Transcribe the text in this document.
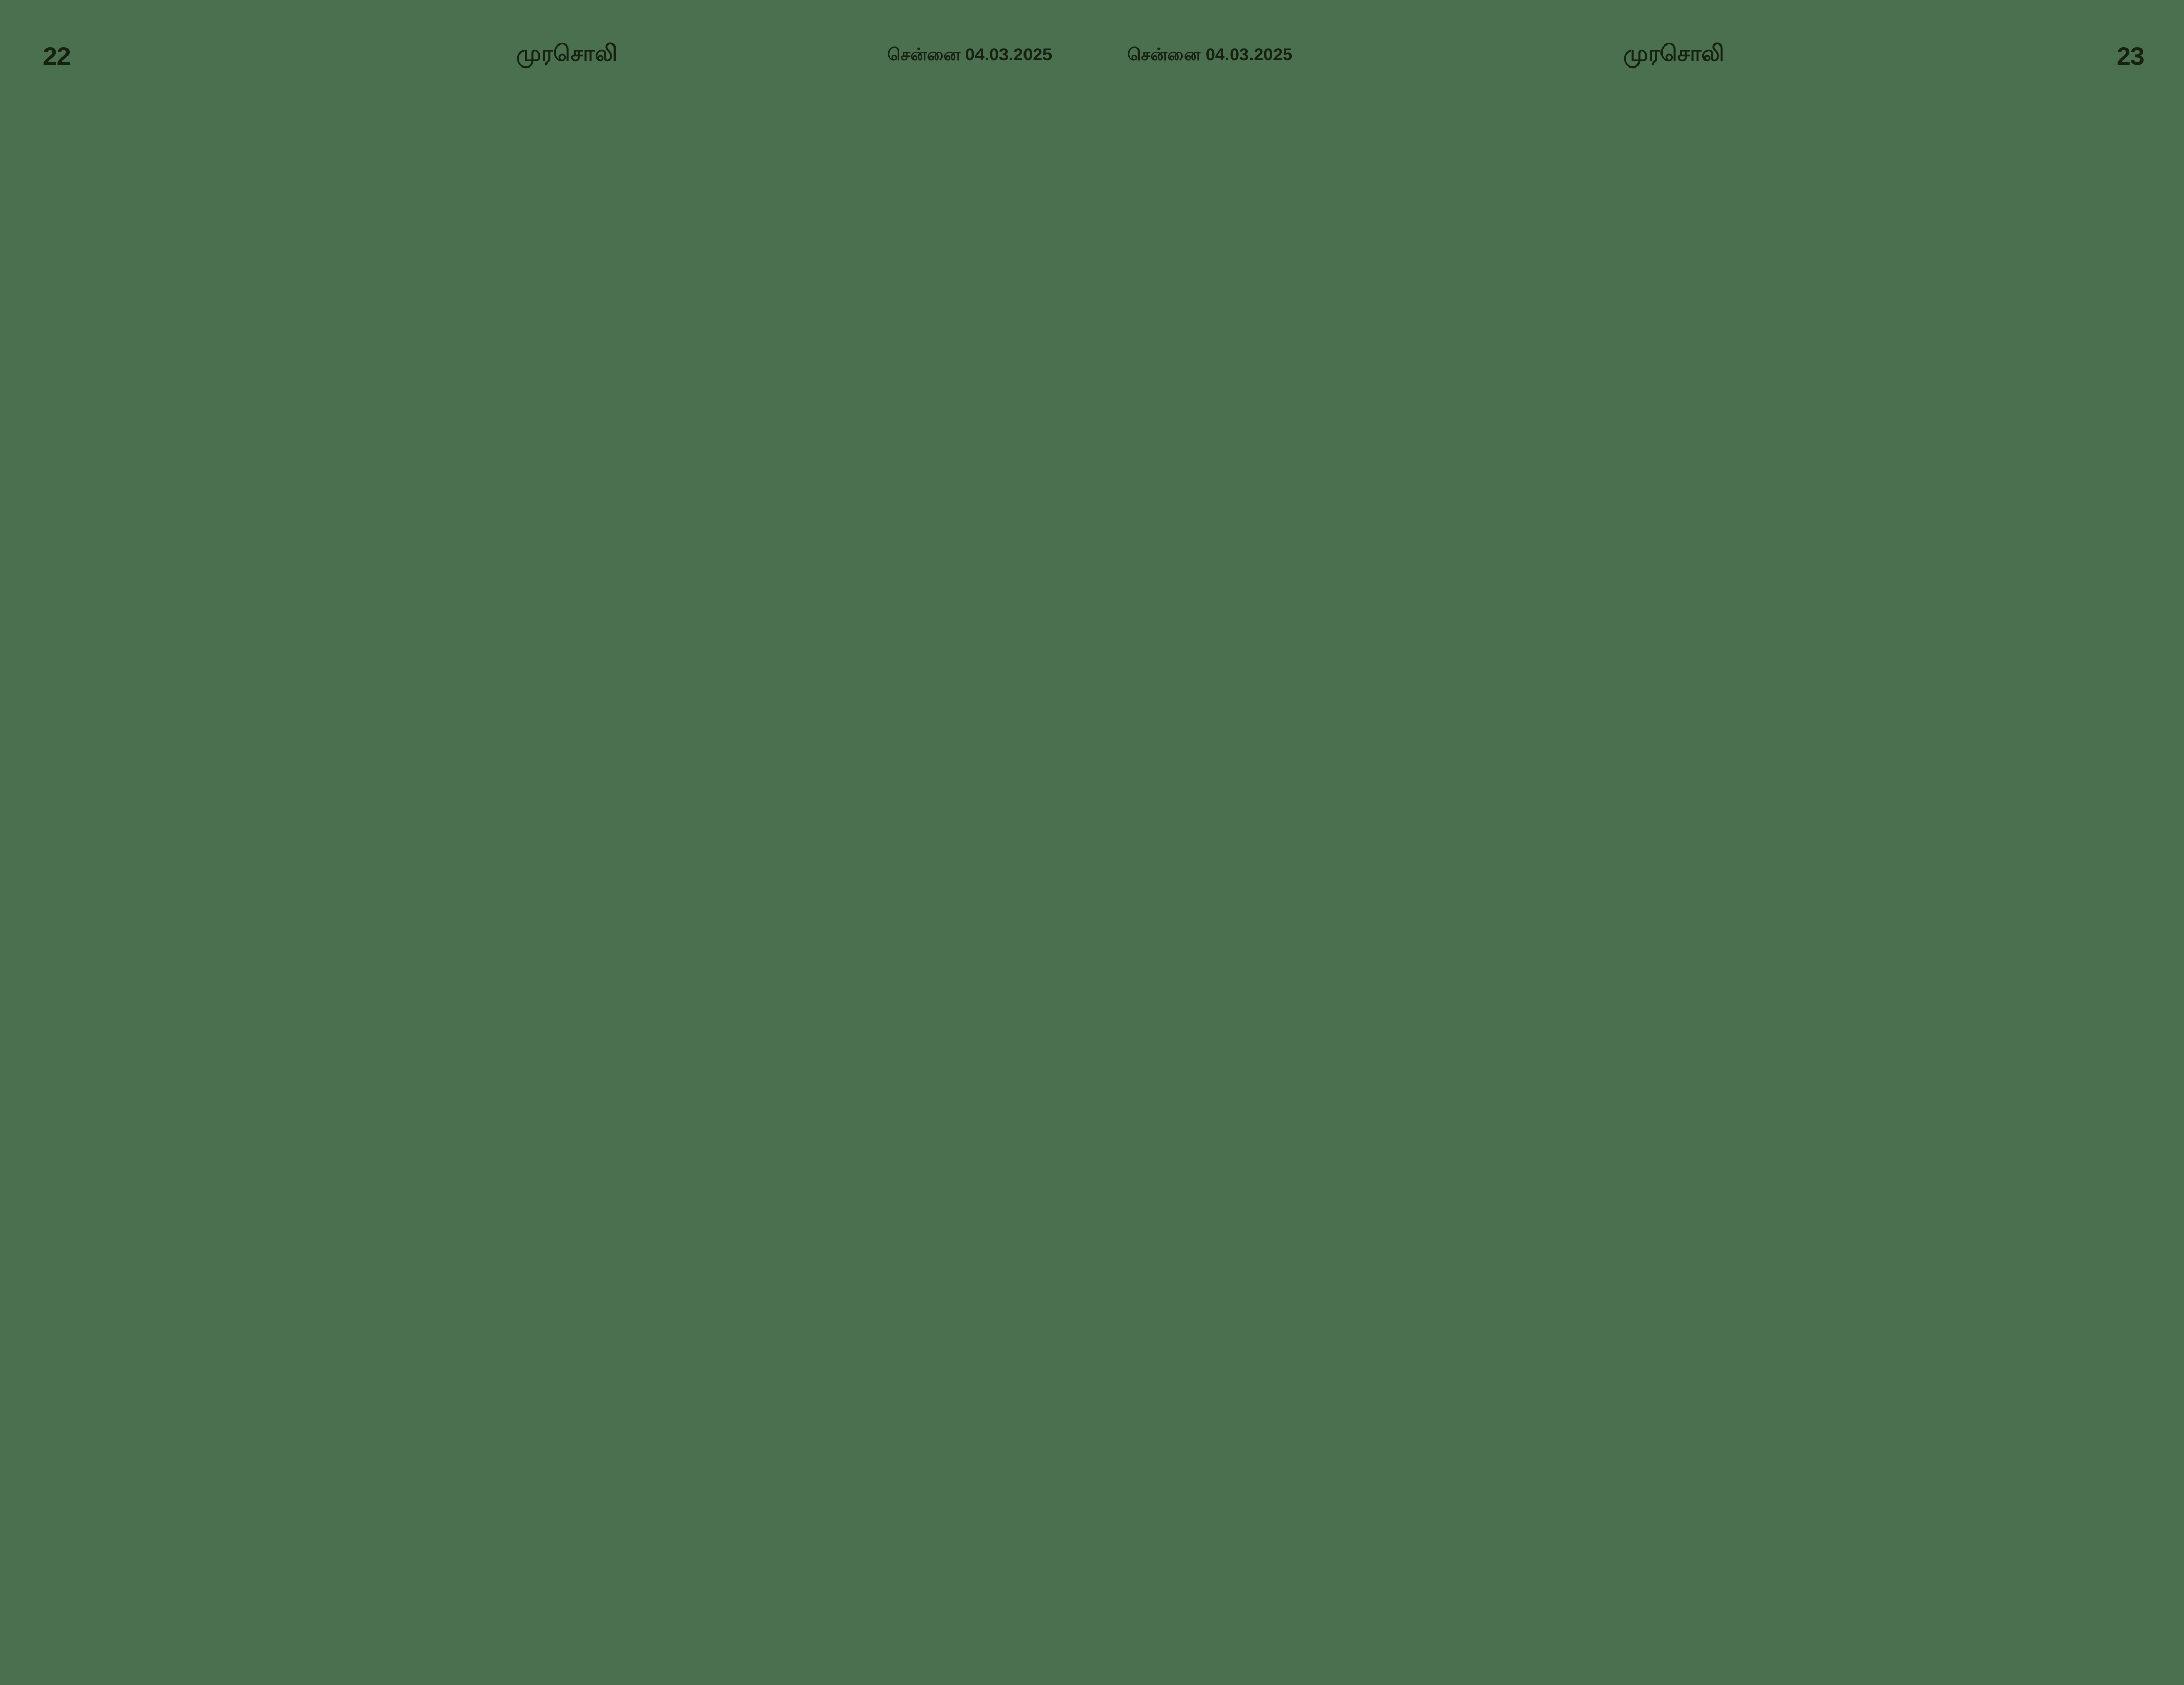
22	முரசொலி	சென்னை 04.03.2025	சென்னை 04.03.2025	முரசொலி	23
